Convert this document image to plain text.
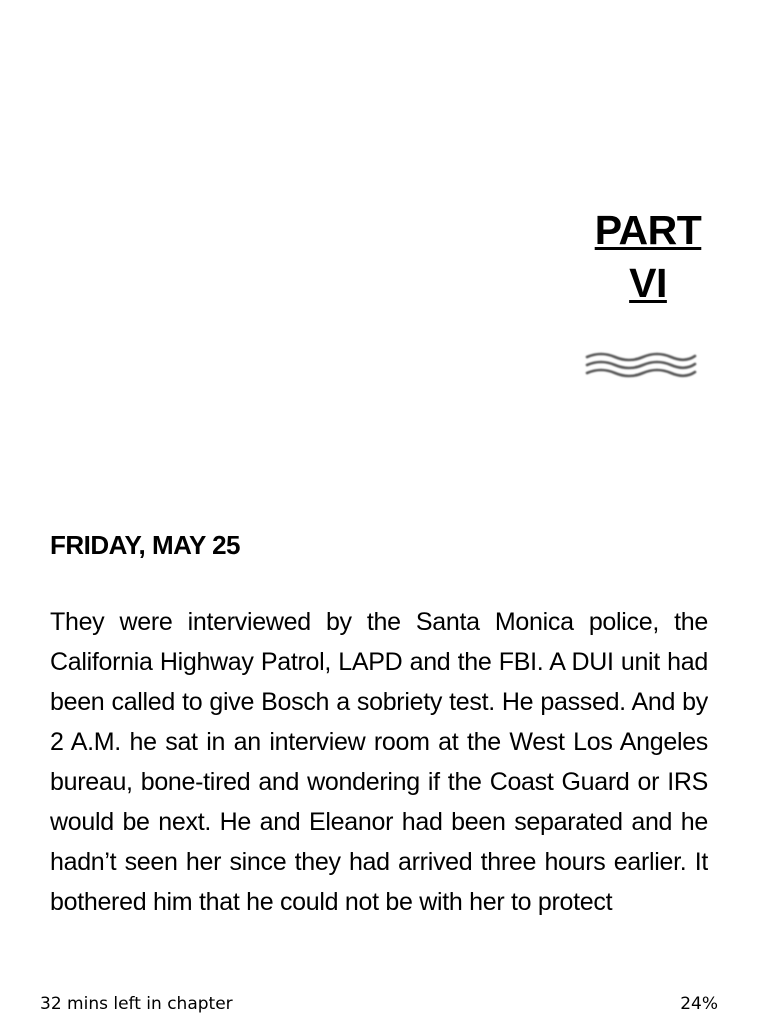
PART
VI
FRIDAY, MAY 25

They were interviewed by the Santa Monica police, the California Highway Patrol, LAPD and the FBI. A DUI unit had been called to give Bosch a sobriety test. He passed. And by 2 A.M. he sat in an interview room at the West Los Angeles bureau, bone-tired and wondering if the Coast Guard or IRS would be next. He and Eleanor had been separated and he hadn’t seen her since they had arrived three hours earlier. It bothered him that he could not be with her to protect

32 mins left in chapter	24%
